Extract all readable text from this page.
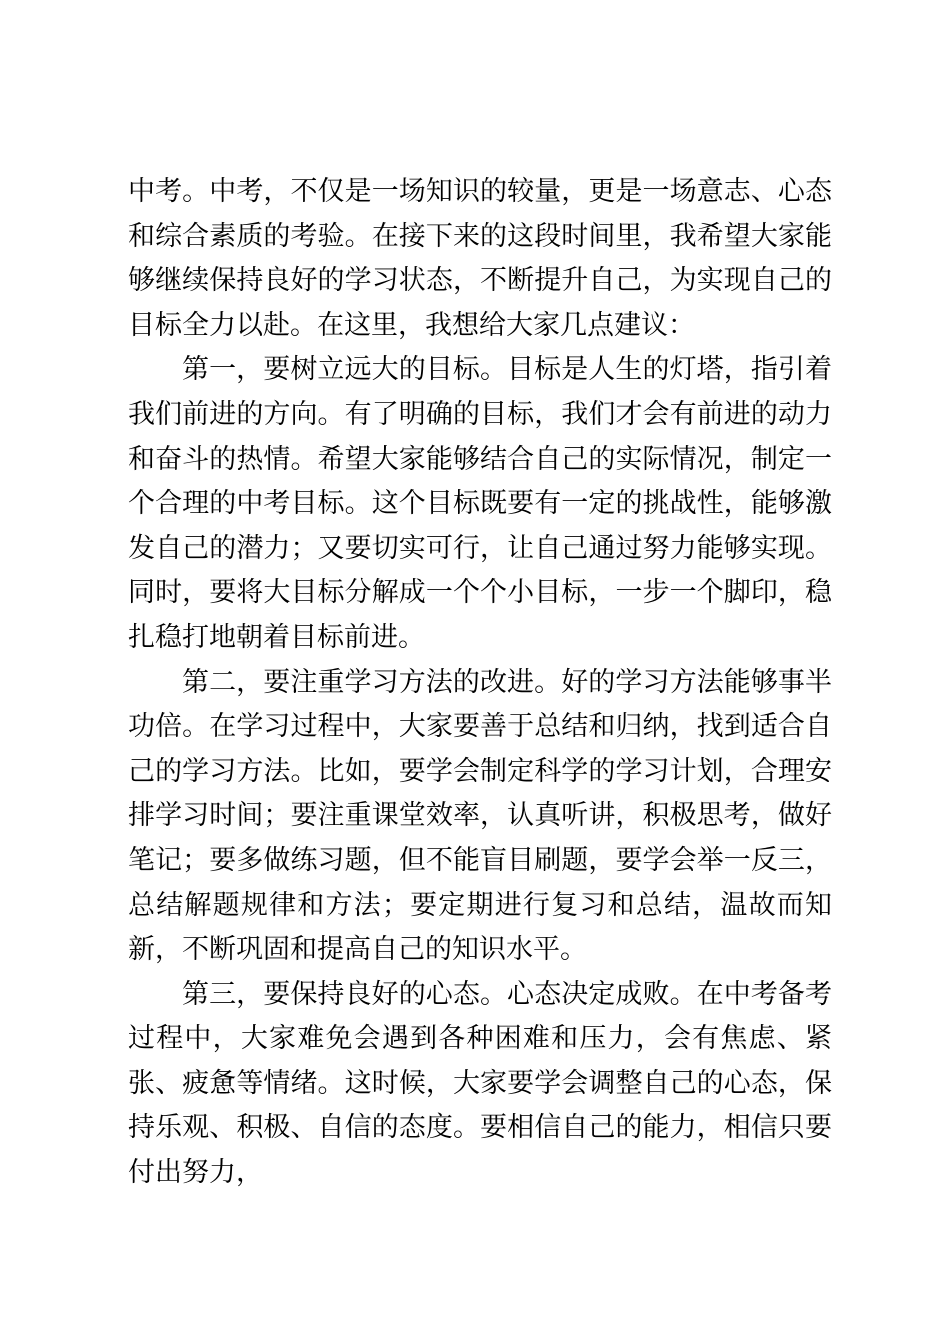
中考。中考，不仅是一场知识的较量，更是一场意志、心态和综合素质的考验。在接下来的这段时间里，我希望大家能够继续保持良好的学习状态，不断提升自己，为实现自己的目标全力以赴。在这里，我想给大家几点建议：

第一，要树立远大的目标。目标是人生的灯塔，指引着我们前进的方向。有了明确的目标，我们才会有前进的动力和奋斗的热情。希望大家能够结合自己的实际情况，制定一个合理的中考目标。这个目标既要有一定的挑战性，能够激发自己的潜力；又要切实可行，让自己通过努力能够实现。同时，要将大目标分解成一个个小目标，一步一个脚印，稳扎稳打地朝着目标前进。

第二，要注重学习方法的改进。好的学习方法能够事半功倍。在学习过程中，大家要善于总结和归纳，找到适合自己的学习方法。比如，要学会制定科学的学习计划，合理安排学习时间；要注重课堂效率，认真听讲，积极思考，做好笔记；要多做练习题，但不能盲目刷题，要学会举一反三，总结解题规律和方法；要定期进行复习和总结，温故而知新，不断巩固和提高自己的知识水平。

第三，要保持良好的心态。心态决定成败。在中考备考过程中，大家难免会遇到各种困难和压力，会有焦虑、紧张、疲惫等情绪。这时候，大家要学会调整自己的心态，保持乐观、积极、自信的态度。要相信自己的能力，相信只要付出努力，
